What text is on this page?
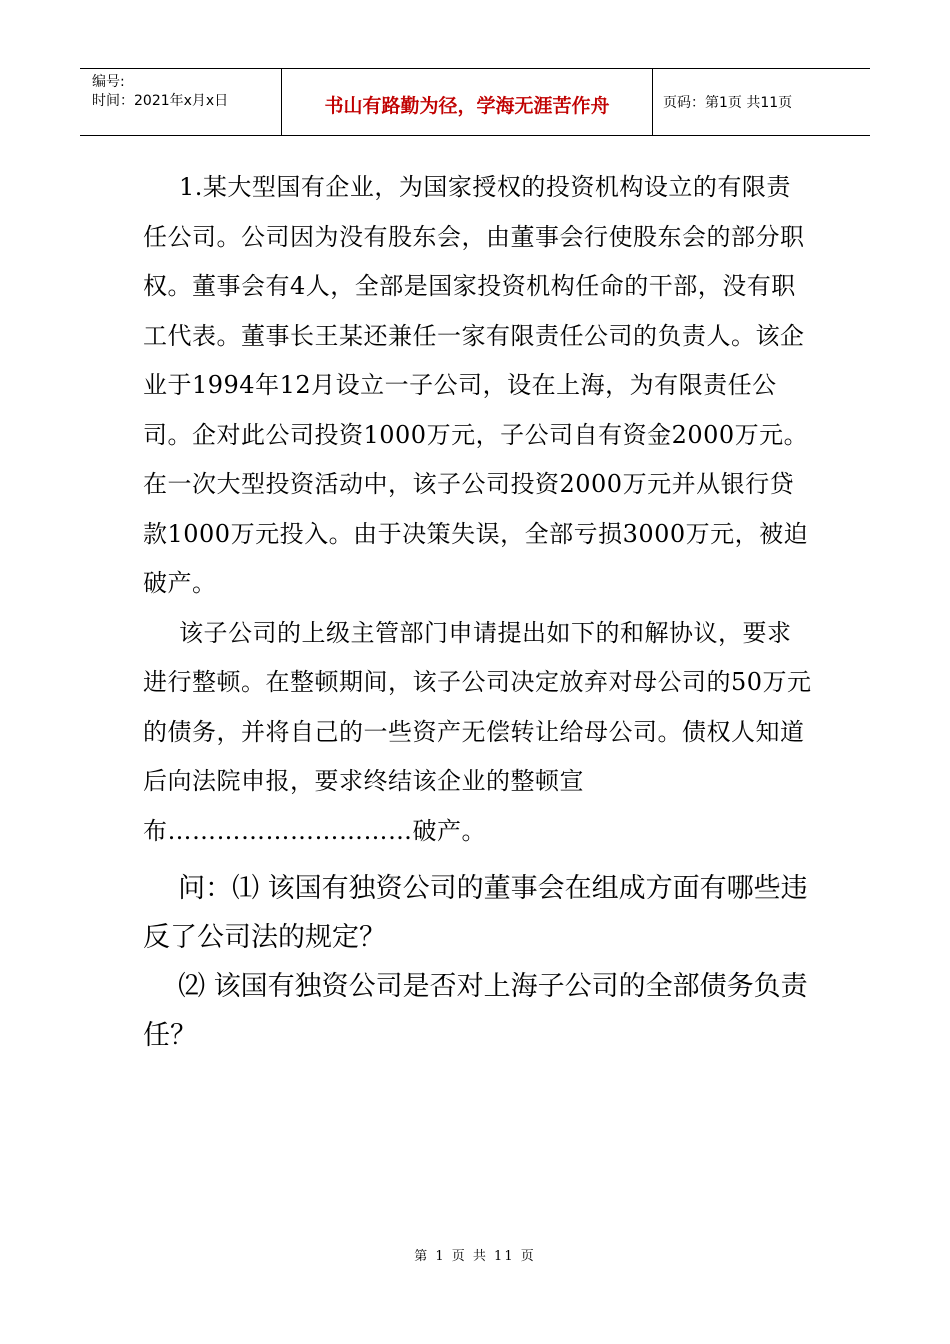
编号:
时间：2021年x月x日	书山有路勤为径，学海无涯苦作舟	页码：第1页 共11页

1.某大型国有企业，为国家授权的投资机构设立的有限责任公司。公司因为没有股东会，由董事会行使股东会的部分职权。董事会有4人，全部是国家投资机构任命的干部，没有职工代表。董事长王某还兼任一家有限责任公司的负责人。该企业于1994年12月设立一子公司，设在上海，为有限责任公司。企对此公司投资1000万元，子公司自有资金2000万元。在一次大型投资活动中，该子公司投资2000万元并从银行贷款1000万元投入。由于决策失误，全部亏损3000万元，被迫破产。

该子公司的上级主管部门申请提出如下的和解协议，要求进行整顿。在整顿期间，该子公司决定放弃对母公司的50万元的债务，并将自己的一些资产无偿转让给母公司。债权人知道后向法院申报，要求终结该企业的整顿宣布…………………………破产。

问：⑴ 该国有独资公司的董事会在组成方面有哪些违反了公司法的规定？

⑵ 该国有独资公司是否对上海子公司的全部债务负责任？

第 1 页 共 11 页
